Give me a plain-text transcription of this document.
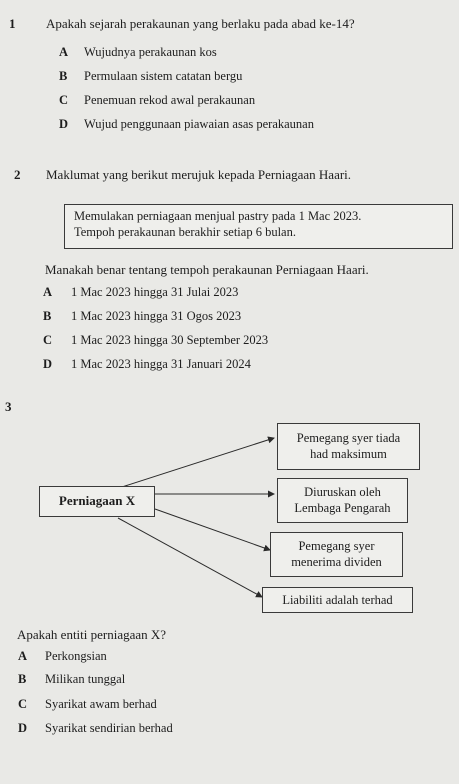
1 Apakah sejarah perakaunan yang berlaku pada abad ke-14?
A Wujudnya perakaunan kos
B Permulaan sistem catatan bergu
C Penemuan rekod awal perakaunan
D Wujud penggunaan piawaian asas perakaunan
2 Maklumat yang berikut merujuk kepada Perniagaan Haari.
Memulakan perniagaan menjual pastry pada 1 Mac 2023.
Tempoh perakaunan berakhir setiap 6 bulan.
Manakah benar tentang tempoh perakaunan Perniagaan Haari.
A 1 Mac 2023 hingga 31 Julai 2023
B 1 Mac 2023 hingga 31 Ogos 2023
C 1 Mac 2023 hingga 30 September 2023
D 1 Mac 2023 hingga 31 Januari 2024
3
Perniagaan X
Pemegang syer tiada
had maksimum
Diuruskan oleh
Lembaga Pengarah
Pemegang syer
menerima dividen
Liabiliti adalah terhad
Apakah entiti perniagaan X?
A Perkongsian
B Milikan tunggal
C Syarikat awam berhad
D Syarikat sendirian berhad
